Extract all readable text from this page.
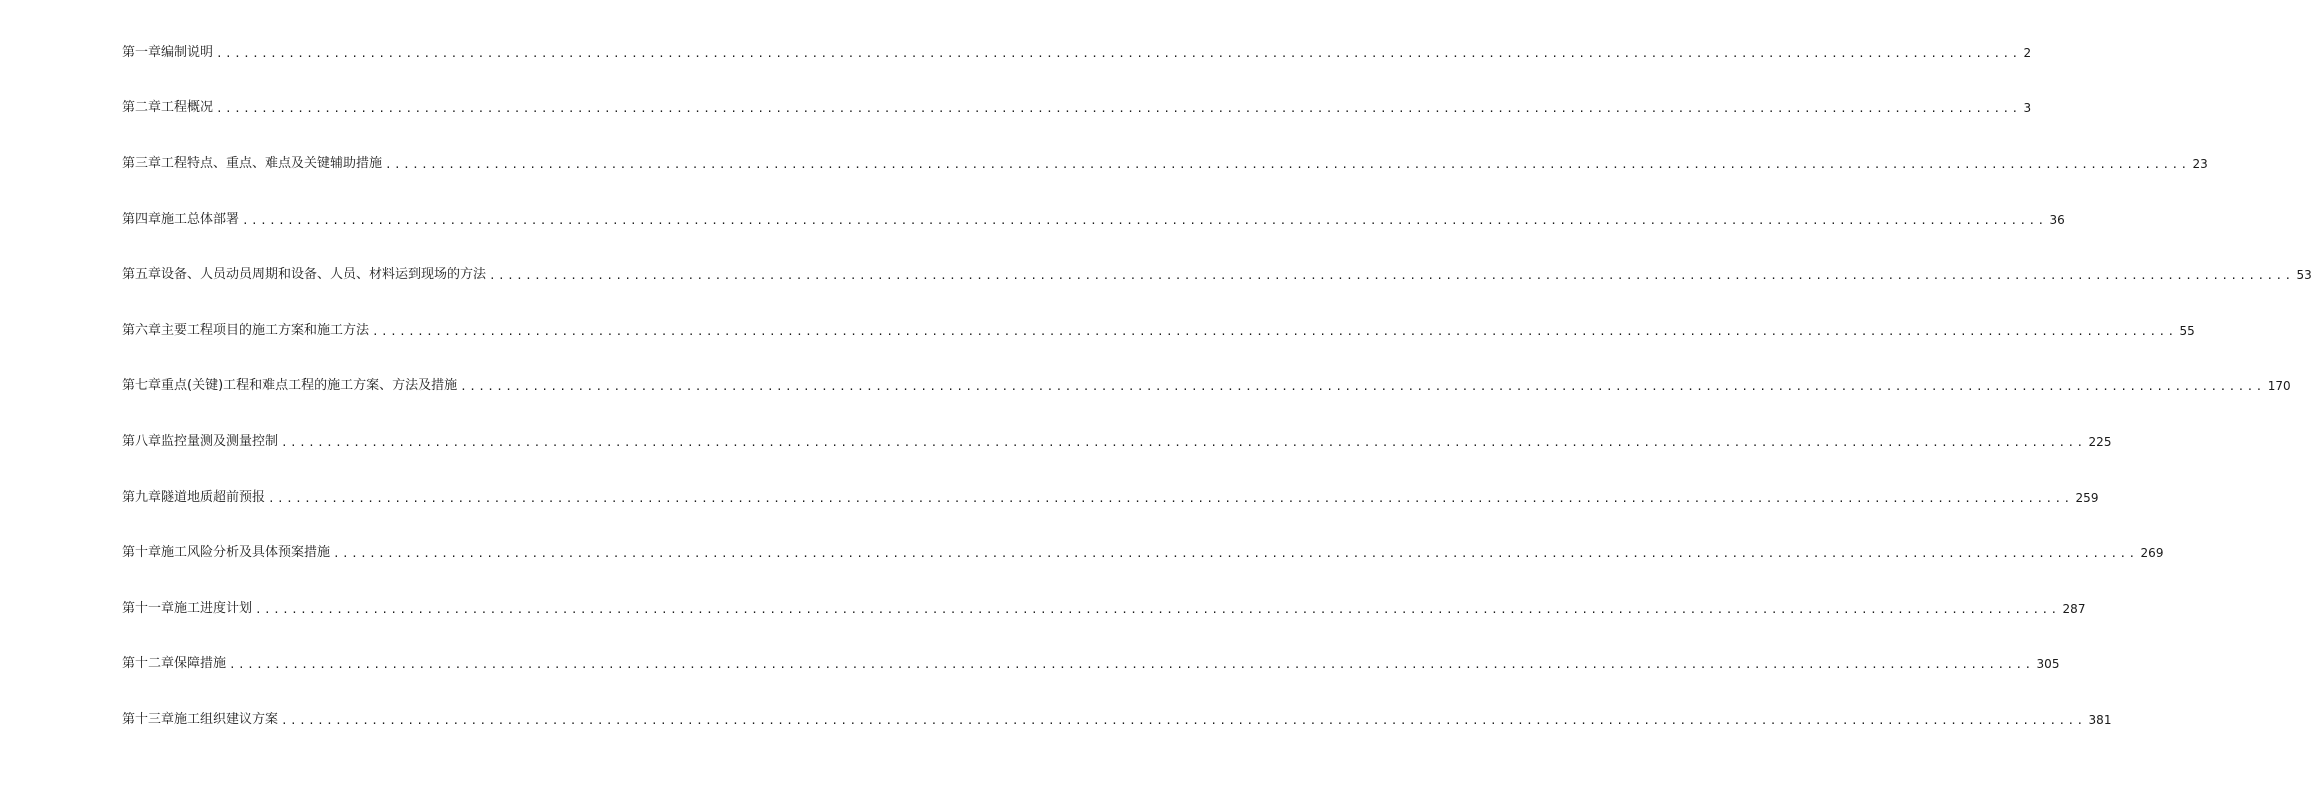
第一章 编制说明 ........................................................................................................................................................................................................ 2
第二章 工程概况 ........................................................................................................................................................................................................ 3
第三章 工程特点、重点、难点及关键辅助措施 ........................................................................................................................................................................................................ 23
第四章 施工总体部署 ........................................................................................................................................................................................................ 36
第五章 设备、人员动员周期和设备、人员、材料运到现场的方法 ........................................................................................................................................................................................................ 53
第六章 主要工程项目的施工方案和施工方法 ........................................................................................................................................................................................................ 55
第七章 重点(关键)工程和难点工程的施工方案、方法及措施 ........................................................................................................................................................................................................ 170
第八章 监控量测及测量控制 ........................................................................................................................................................................................................ 225
第九章 隧道地质超前预报 ........................................................................................................................................................................................................ 259
第十章 施工风险分析及具体预案措施 ........................................................................................................................................................................................................ 269
第十一章 施工进度计划 ........................................................................................................................................................................................................ 287
第十二章 保障措施 ........................................................................................................................................................................................................ 305
第十三章 施工组织建议方案 ........................................................................................................................................................................................................ 381
